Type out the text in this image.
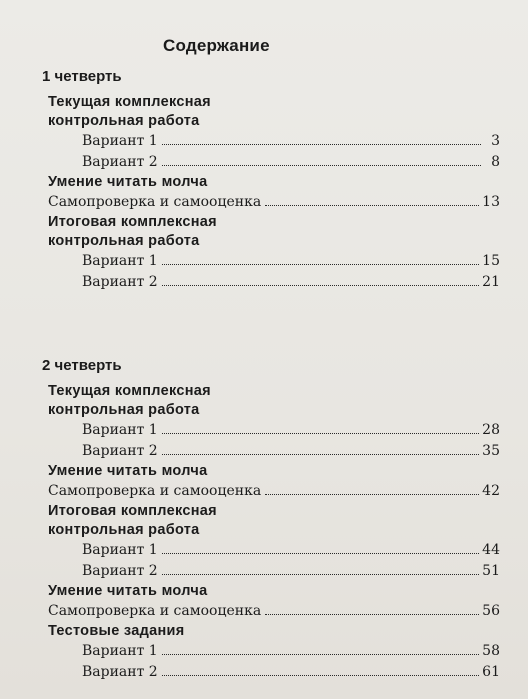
Содержание
1 четверть
Текущая комплексная
контрольная работа
Вариант 1	3
Вариант 2	8
Умение читать молча
Самопроверка и самооценка	13
Итоговая комплексная
контрольная работа
Вариант 1	15
Вариант 2	21
2 четверть
Текущая комплексная
контрольная работа
Вариант 1	28
Вариант 2	35
Умение читать молча
Самопроверка и самооценка	42
Итоговая комплексная
контрольная работа
Вариант 1	44
Вариант 2	51
Умение читать молча
Самопроверка и самооценка	56
Тестовые задания
Вариант 1	58
Вариант 2	61
